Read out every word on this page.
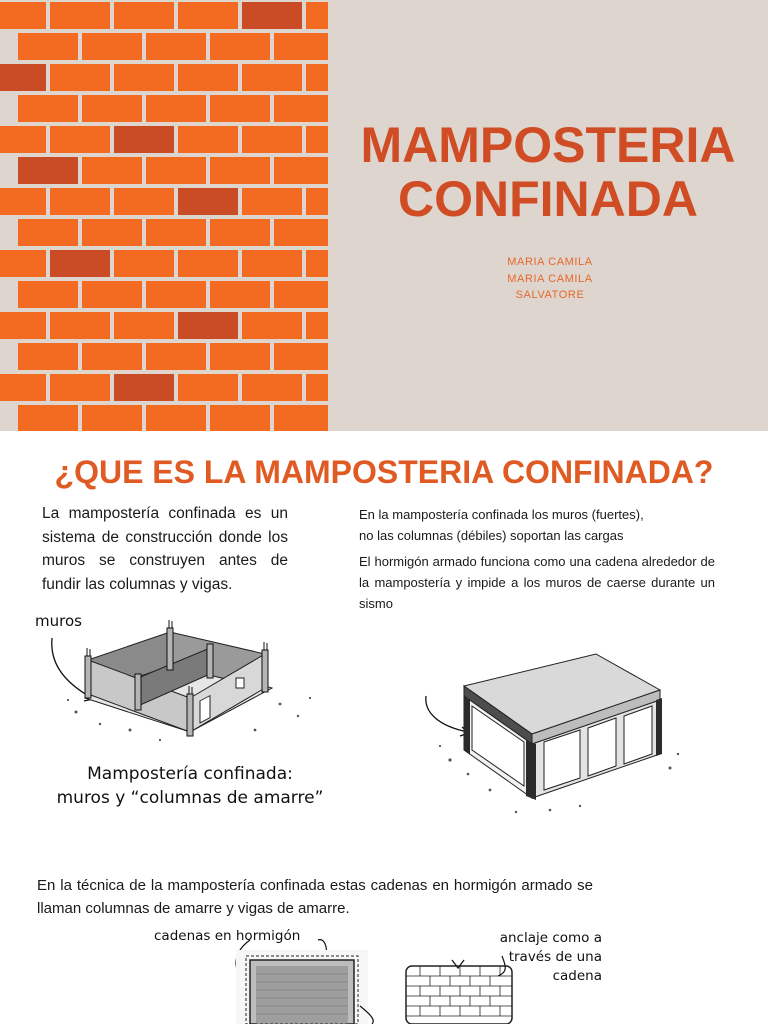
MAMPOSTERIA
CONFINADA
MARIA CAMILA
MARIA CAMILA
SALVATORE
¿QUE ES LA MAMPOSTERIA CONFINADA?
La mampostería confinada es un sistema de construcción donde los muros se construyen antes de fundir las columnas y vigas.
En la mampostería confinada los muros (fuertes),
no las columnas (débiles) soportan las cargas
El hormigón armado funciona como una cadena alrededor de la mampostería y impide a los muros de caerse durante un sismo
muros
Mampostería confinada:
muros y “columnas de amarre”
En la técnica de la mampostería confinada estas cadenas en hormigón armado se llaman columnas de amarre y vigas de amarre.
cadenas en hormigón	anclaje como a
través de una
cadena
